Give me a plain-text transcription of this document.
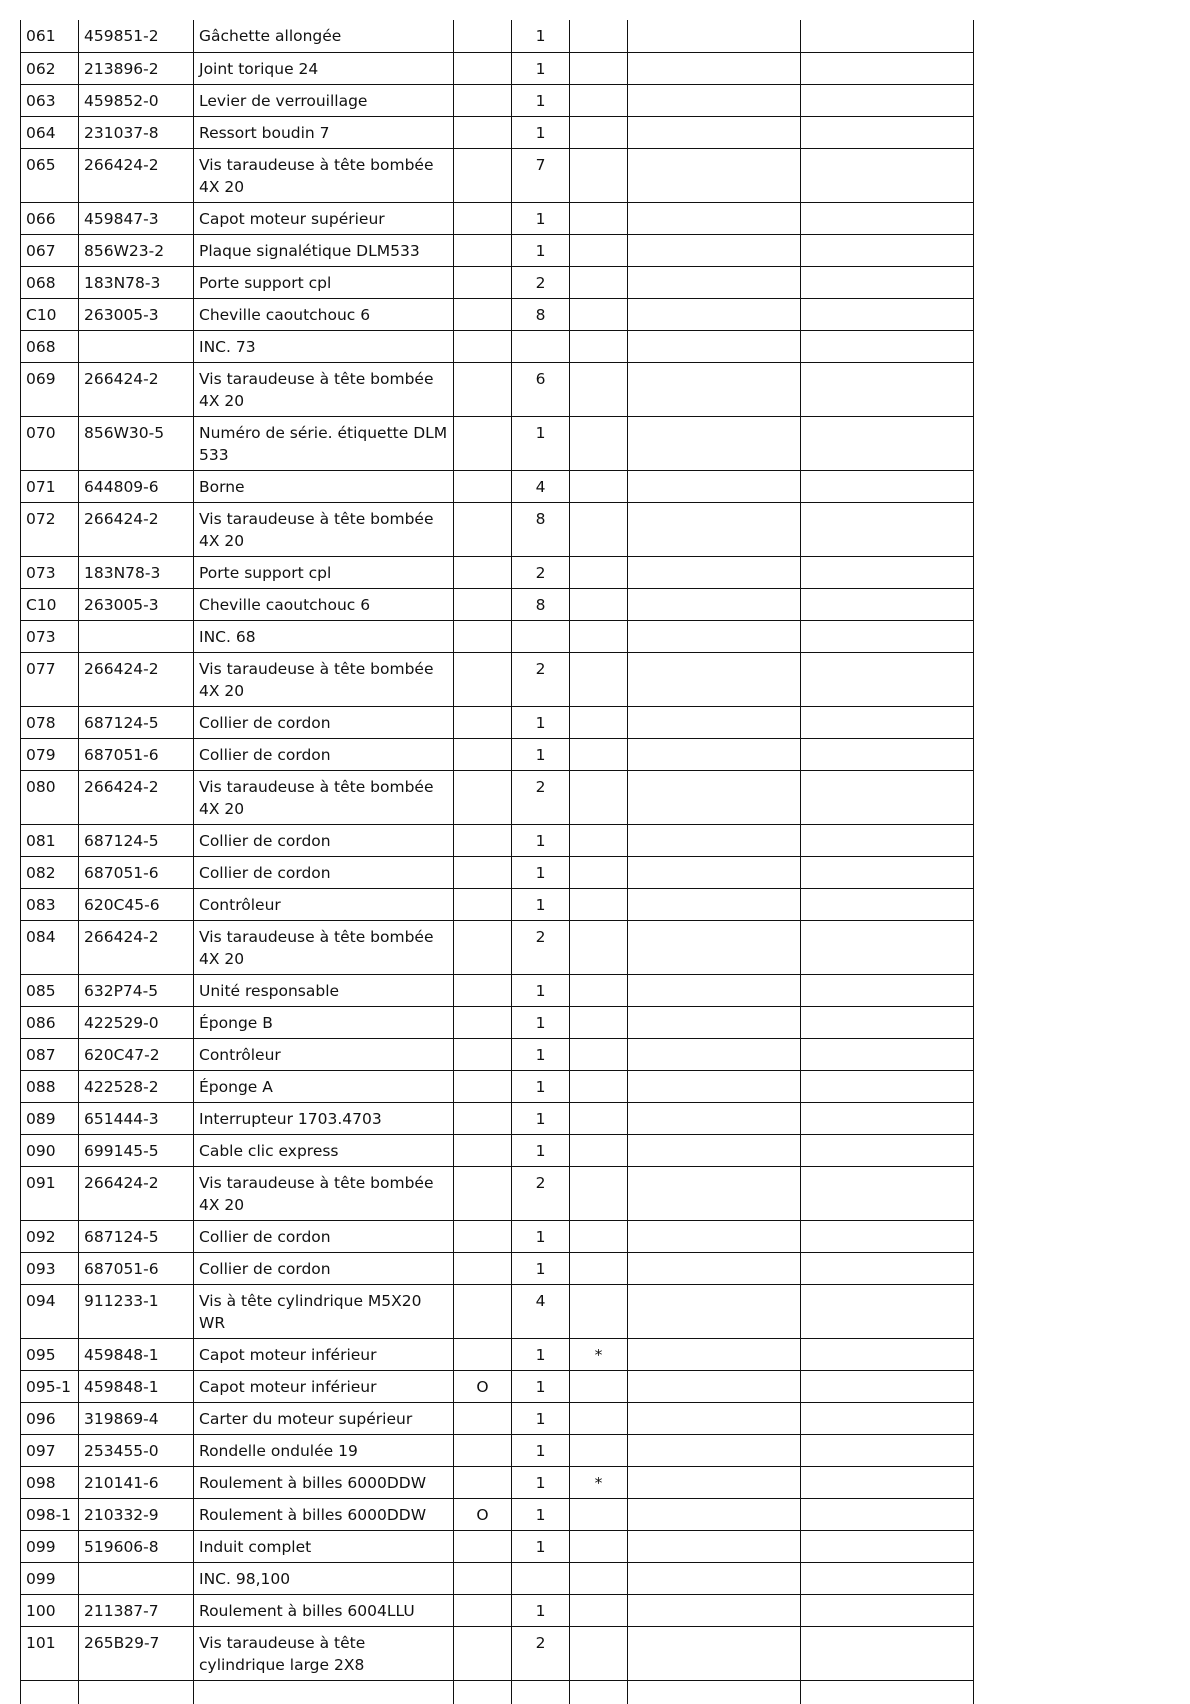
061	459851-2	Gâchette allongée		1			
062	213896-2	Joint torique 24		1			
063	459852-0	Levier de verrouillage		1			
064	231037-8	Ressort boudin 7		1			
065	266424-2	Vis taraudeuse à tête bombée 4X 20		7			
066	459847-3	Capot moteur supérieur		1			
067	856W23-2	Plaque signalétique DLM533		1			
068	183N78-3	Porte support cpl		2			
C10	263005-3	Cheville caoutchouc 6		8			
068		INC. 73					
069	266424-2	Vis taraudeuse à tête bombée 4X 20		6			
070	856W30-5	Numéro de série. étiquette DLM 533		1			
071	644809-6	Borne		4			
072	266424-2	Vis taraudeuse à tête bombée 4X 20		8			
073	183N78-3	Porte support cpl		2			
C10	263005-3	Cheville caoutchouc 6		8			
073		INC. 68					
077	266424-2	Vis taraudeuse à tête bombée 4X 20		2			
078	687124-5	Collier de cordon		1			
079	687051-6	Collier de cordon		1			
080	266424-2	Vis taraudeuse à tête bombée 4X 20		2			
081	687124-5	Collier de cordon		1			
082	687051-6	Collier de cordon		1			
083	620C45-6	Contrôleur		1			
084	266424-2	Vis taraudeuse à tête bombée 4X 20		2			
085	632P74-5	Unité responsable		1			
086	422529-0	Éponge B		1			
087	620C47-2	Contrôleur		1			
088	422528-2	Éponge A		1			
089	651444-3	Interrupteur 1703.4703		1			
090	699145-5	Cable clic express		1			
091	266424-2	Vis taraudeuse à tête bombée 4X 20		2			
092	687124-5	Collier de cordon		1			
093	687051-6	Collier de cordon		1			
094	911233-1	Vis à tête cylindrique M5X20 WR		4			
095	459848-1	Capot moteur inférieur		1	*		
095-1	459848-1	Capot moteur inférieur	O	1			
096	319869-4	Carter du moteur supérieur		1			
097	253455-0	Rondelle ondulée 19		1			
098	210141-6	Roulement à billes 6000DDW		1	*		
098-1	210332-9	Roulement à billes 6000DDW	O	1			
099	519606-8	Induit complet		1			
099		INC. 98,100					
100	211387-7	Roulement à billes 6004LLU		1			
101	265B29-7	Vis taraudeuse à tête cylindrique large 2X8		2			
